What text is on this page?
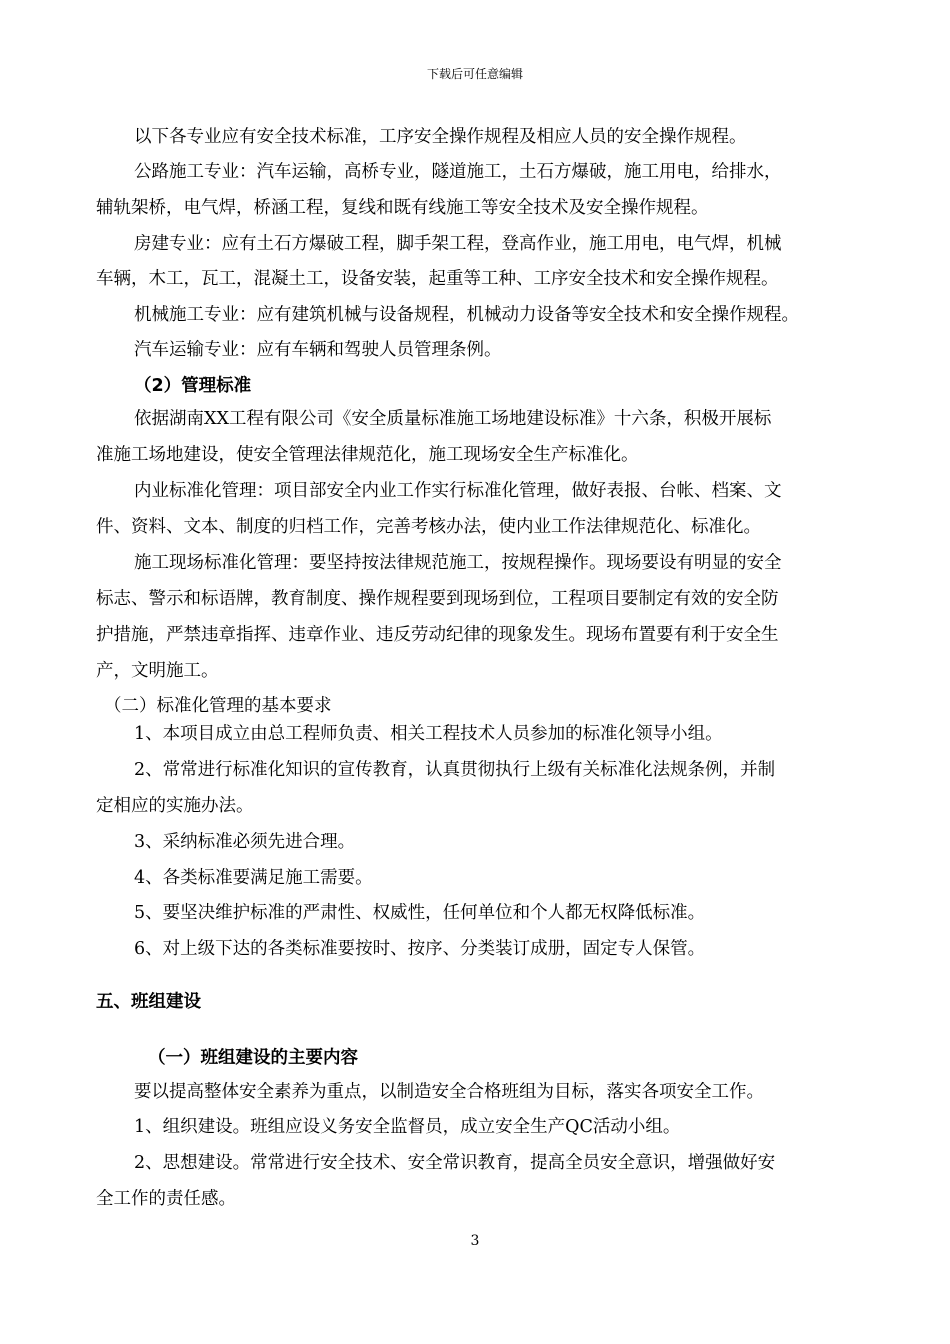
下载后可任意编辑
以下各专业应有安全技术标准，工序安全操作规程及相应人员的安全操作规程。
公路施工专业：汽车运输，高桥专业，隧道施工，土石方爆破，施工用电，给排水，
辅轨架桥，电气焊，桥涵工程，复线和既有线施工等安全技术及安全操作规程。
房建专业：应有土石方爆破工程，脚手架工程，登高作业，施工用电，电气焊，机械
车辆，木工，瓦工，混凝土工，设备安装，起重等工种、工序安全技术和安全操作规程。
机械施工专业：应有建筑机械与设备规程，机械动力设备等安全技术和安全操作规程。
汽车运输专业：应有车辆和驾驶人员管理条例。
（2）管理标准
依据湖南XX工程有限公司《安全质量标准施工场地建设标准》十六条，积极开展标
准施工场地建设，使安全管理法律规范化，施工现场安全生产标准化。
内业标准化管理：项目部安全内业工作实行标准化管理，做好表报、台帐、档案、文
件、资料、文本、制度的归档工作，完善考核办法，使内业工作法律规范化、标准化。
施工现场标准化管理：要坚持按法律规范施工，按规程操作。现场要设有明显的安全
标志、警示和标语牌，教育制度、操作规程要到现场到位，工程项目要制定有效的安全防
护措施，严禁违章指挥、违章作业、违反劳动纪律的现象发生。现场布置要有利于安全生
产，文明施工。
（二）标准化管理的基本要求
1、本项目成立由总工程师负责、相关工程技术人员参加的标准化领导小组。
2、常常进行标准化知识的宣传教育，认真贯彻执行上级有关标准化法规条例，并制
定相应的实施办法。
3、采纳标准必须先进合理。
4、各类标准要满足施工需要。
5、要坚决维护标准的严肃性、权威性，任何单位和个人都无权降低标准。
6、对上级下达的各类标准要按时、按序、分类装订成册，固定专人保管。
五、班组建设
（一）班组建设的主要内容
要以提高整体安全素养为重点，以制造安全合格班组为目标，落实各项安全工作。
1、组织建设。班组应设义务安全监督员，成立安全生产QC活动小组。
2、思想建设。常常进行安全技术、安全常识教育，提高全员安全意识，增强做好安
全工作的责任感。
3
